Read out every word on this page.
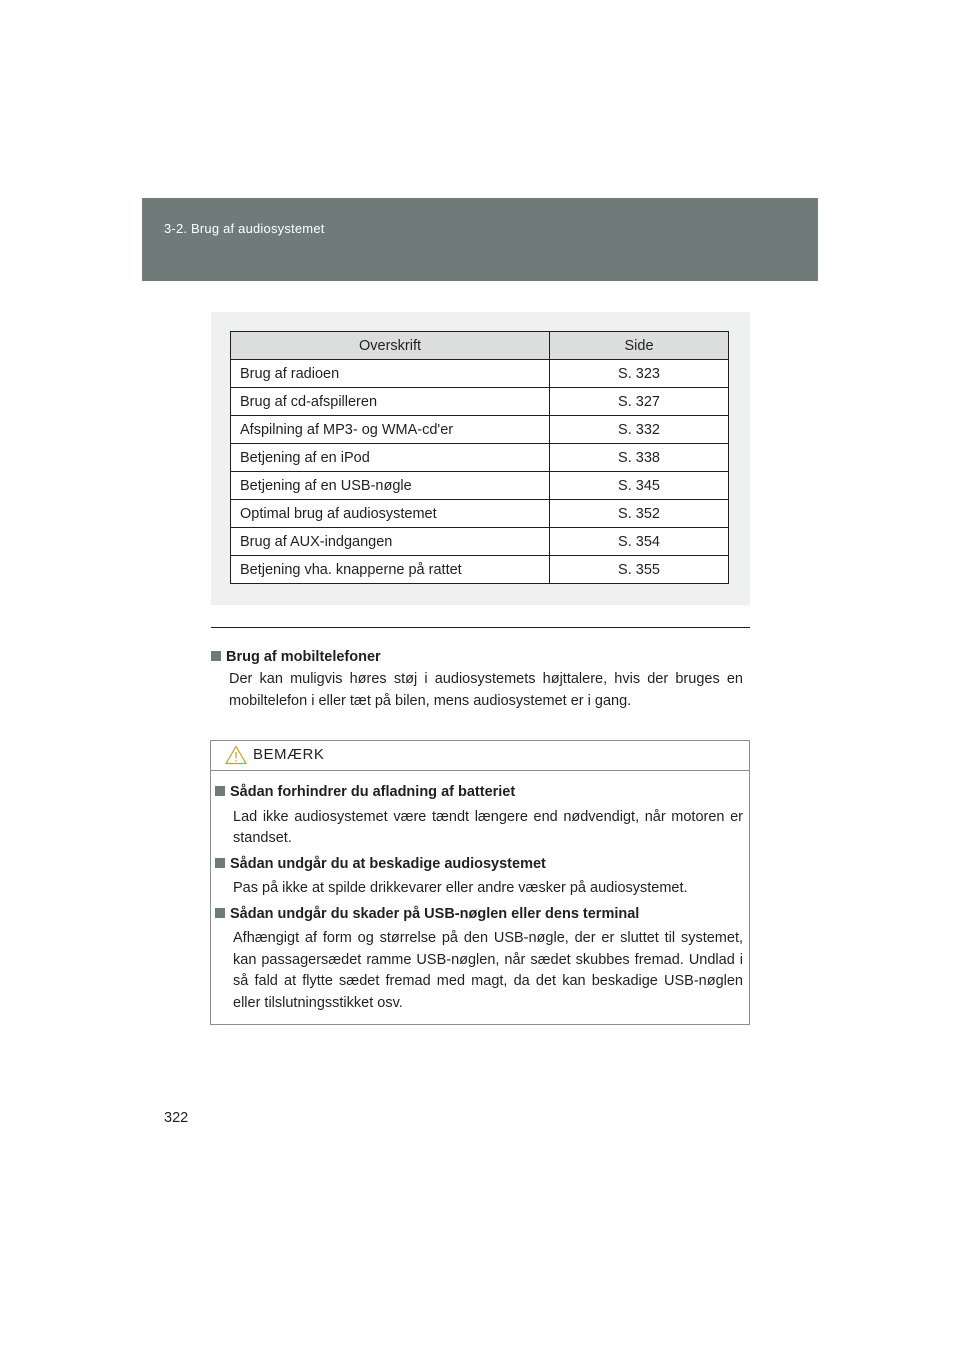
3-2. Brug af audiosystemet
Overskrift	Side
Brug af radioen	S. 323
Brug af cd-afspilleren	S. 327
Afspilning af MP3- og WMA-cd'er	S. 332
Betjening af en iPod	S. 338
Betjening af en USB-nøgle	S. 345
Optimal brug af audiosystemet	S. 352
Brug af AUX-indgangen	S. 354
Betjening vha. knapperne på rattet	S. 355
Brug af mobiltelefoner
Der kan muligvis høres støj i audiosystemets højttalere, hvis der bruges en mobiltelefon i eller tæt på bilen, mens audiosystemet er i gang.
BEMÆRK
Sådan forhindrer du afladning af batteriet
Lad ikke audiosystemet være tændt længere end nødvendigt, når motoren er standset.
Sådan undgår du at beskadige audiosystemet
Pas på ikke at spilde drikkevarer eller andre væsker på audiosystemet.
Sådan undgår du skader på USB-nøglen eller dens terminal
Afhængigt af form og størrelse på den USB-nøgle, der er sluttet til systemet, kan passagersædet ramme USB-nøglen, når sædet skubbes fremad. Undlad i så fald at flytte sædet fremad med magt, da det kan beskadige USB-nøglen eller tilslutningsstikket osv.
322
